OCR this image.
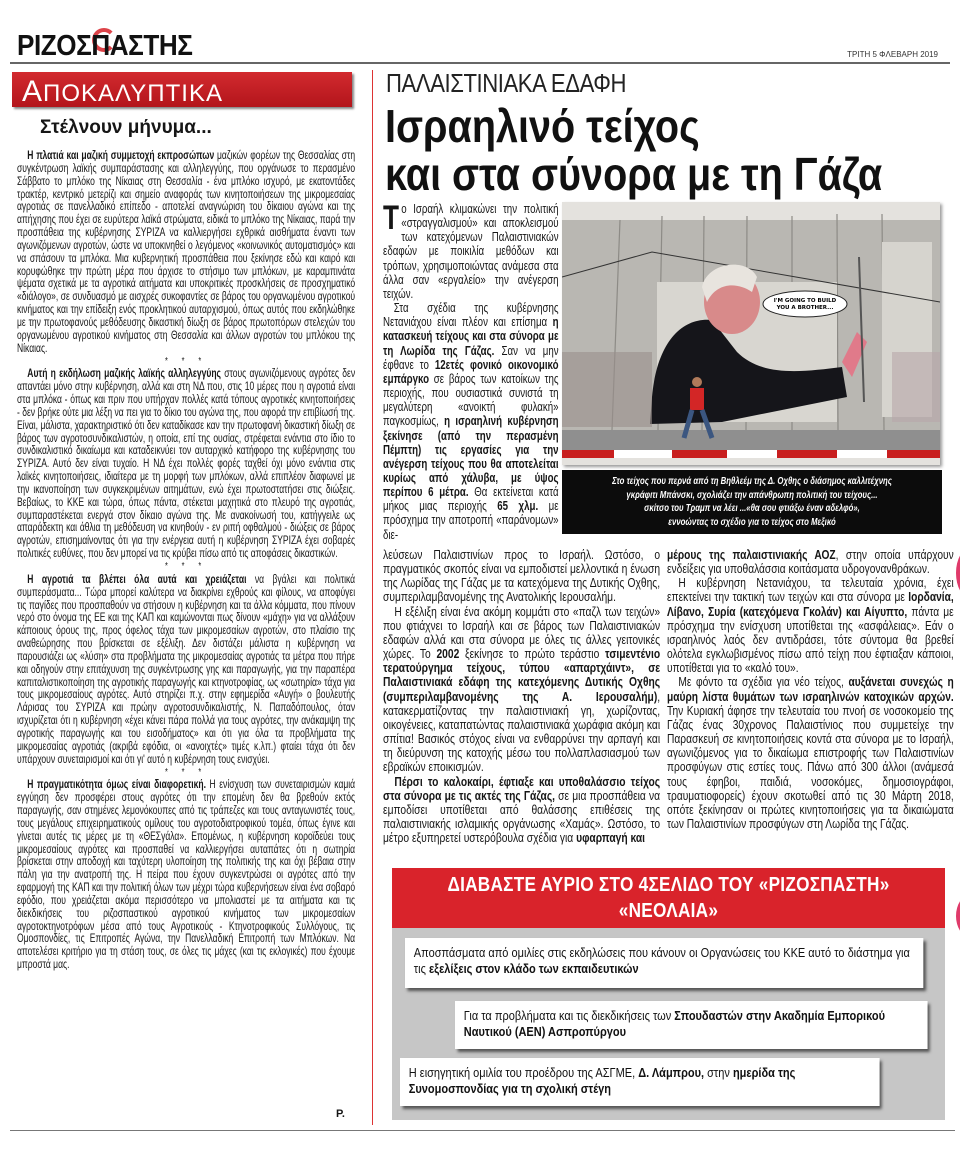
ΡΙΖΟΣΠΑΣΤΗΣ	ΤΡΙΤΗ 5 ΦΛΕΒΑΡΗ 2019
ΑΠΟΚΑΛΥΠΤΙΚΑ
Στέλνουν μήνυμα...

Η πλατιά και μαζική συμμετοχή εκπροσώπων μαζικών φορέων της Θεσσαλίας στη συγκέντρωση λαϊκής συμπαράστασης και αλληλεγγύης, που οργάνωσε το περασμένο Σάββατο το μπλόκο της Νίκαιας στη Θεσσαλία - ένα μπλόκο ισχυρό, με εκατοντάδες τρακτέρ, κεντρικό μετερίζι και σημείο αναφοράς των κινητοποιήσεων της μικρομεσαίας αγροτιάς σε πανελλαδικό επίπεδο - αποτελεί αναγνώριση του δίκαιου αγώνα και της απήχησης που έχει σε ευρύτερα λαϊκά στρώματα, ειδικά το μπλόκο της Νίκαιας, παρά την προσπάθεια της κυβέρνησης ΣΥΡΙΖΑ να καλλιεργήσει εχθρικά αισθήματα έναντι των αγωνιζόμενων αγροτών, ώστε να υποκινηθεί ο λεγόμενος «κοινωνικός αυτοματισμός» και να σπάσουν τα μπλόκα. Μια κυβερνητική προσπάθεια που ξεκίνησε εδώ και καιρό και κορυφώθηκε την πρώτη μέρα που άρχισε το στήσιμο των μπλόκων, με καραμπινάτα ψέματα σχετικά με τα αγροτικά αιτήματα και υποκριτικές προσκλήσεις σε προσχηματικό «διάλογο», σε συνδυασμό με αισχρές συκοφαντίες σε βάρος του οργανωμένου αγροτικού κινήματος και την επίδειξη ενός προκλητικού αυταρχισμού, όπως αυτός που εκδηλώθηκε με την πρωτοφανούς μεθόδευσης δικαστική δίωξη σε βάρος πρωτοπόρων στελεχών του οργανωμένου αγροτικού κινήματος στη Θεσσαλία και άλλων αγροτών του μπλόκου της Νίκαιας.

* * *

Αυτή η εκδήλωση μαζικής λαϊκής αλληλεγγύης στους αγωνιζόμενους αγρότες δεν απαντάει μόνο στην κυβέρνηση, αλλά και στη ΝΔ που, στις 10 μέρες που η αγροτιά είναι στα μπλόκα - όπως και πριν που υπήρχαν πολλές κατά τόπους αγροτικές κινητοποιήσεις - δεν βρήκε ούτε μια λέξη να πει για το δίκιο του αγώνα της, που αφορά την επιβίωσή της. Είναι, μάλιστα, χαρακτηριστικό ότι δεν καταδίκασε καν την πρωτοφανή δικαστική δίωξη σε βάρος των αγροτοσυνδικαλιστών, η οποία, επί της ουσίας, στρέφεται ενάντια στο ίδιο το συνδικαλιστικό δικαίωμα και καταδεικνύει τον αυταρχικό κατήφορο της κυβέρνησης του ΣΥΡΙΖΑ. Αυτό δεν είναι τυχαίο. Η ΝΔ έχει πολλές φορές ταχθεί όχι μόνο ενάντια στις λαϊκές κινητοποιήσεις, ιδιαίτερα με τη μορφή των μπλόκων, αλλά επιπλέον διαφωνεί με την ικανοποίηση των συγκεκριμένων αιτημάτων, ενώ έχει πρωτοστατήσει στις διώξεις. Βεβαίως, το ΚΚΕ και τώρα, όπως πάντα, στέκεται μαχητικά στο πλευρό της αγροτιάς, συμπαραστέκεται ενεργά στον δίκαιο αγώνα της. Με ανακοίνωσή του, κατήγγειλε ως απαράδεκτη και άθλια τη μεθόδευση να κινηθούν - εν ριπή οφθαλμού - διώξεις σε βάρος αγροτών, επισημαίνοντας ότι για την ενέργεια αυτή η κυβέρνηση ΣΥΡΙΖΑ έχει σοβαρές πολιτικές ευθύνες, που δεν μπορεί να τις κρύβει πίσω από τις αποφάσεις δικαστικών.

* * *

Η αγροτιά τα βλέπει όλα αυτά και χρειάζεται να βγάλει και πολιτικά συμπεράσματα... Τώρα μπορεί καλύτερα να διακρίνει εχθρούς και φίλους, να αποφύγει τις παγίδες που προσπαθούν να στήσουν η κυβέρνηση και τα άλλα κόμματα, που πίνουν νερό στο όνομα της ΕΕ και της ΚΑΠ και καμώνονται πως δίνουν «μάχη» για να αλλάξουν κάποιους όρους της, προς όφελος τάχα των μικρομεσαίων αγροτών, στο πλαίσιο της αναθεώρησης που βρίσκεται σε εξέλιξη. Δεν διστάζει μάλιστα η κυβέρνηση να παρουσιάζει ως «λύση» στα προβλήματα της μικρομεσαίας αγροτιάς τα μέτρα που πήρε και οδηγούν στην επιτάχυνση της συγκέντρωσης γης και παραγωγής, για την παραπέρα καπιταλιστικοποίηση της αγροτικής παραγωγής και κτηνοτροφίας, ως «σωτηρία» τάχα για τους μικρομεσαίους αγρότες. Αυτό στηρίζει π.χ. στην εφημερίδα «Αυγή» ο βουλευτής Λάρισας του ΣΥΡΙΖΑ και πρώην αγροτοσυνδικαλιστής, Ν. Παπαδόπουλος, όταν ισχυρίζεται ότι η κυβέρνηση «έχει κάνει πάρα πολλά για τους αγρότες, την ανάκαμψη της αγροτικής παραγωγής και του εισοδήματος» και ότι για όλα τα προβλήματα της μικρομεσαίας αγροτιάς (ακριβά εφόδια, οι «ανοιχτές» τιμές κ.λπ.) φταίει τάχα ότι δεν υπάρχουν συνεταιρισμοί και ότι γι' αυτό η κυβέρνηση τους ενισχύει.

* * *

Η πραγματικότητα όμως είναι διαφορετική. Η ενίσχυση των συνεταιρισμών καμιά εγγύηση δεν προσφέρει στους αγρότες ότι την επομένη δεν θα βρεθούν εκτός παραγωγής, σαν στημένες λεμονόκουπες από τις τράπεζες και τους ανταγωνιστές τους, τους μεγάλους επιχειρηματικούς ομίλους του αγροτοδιατροφικού τομέα, όπως έγινε και γίνεται αυτές τις μέρες με τη «ΘΕΣγάλα». Επομένως, η κυβέρνηση κοροϊδεύει τους μικρομεσαίους αγρότες και προσπαθεί να καλλιεργήσει αυταπάτες ότι η σωτηρία βρίσκεται στην αποδοχή και ταχύτερη υλοποίηση της πολιτικής της και όχι βέβαια στην πάλη για την ανατροπή της. Η πείρα που έχουν συγκεντρώσει οι αγρότες από την εφαρμογή της ΚΑΠ και την πολιτική όλων των μέχρι τώρα κυβερνήσεων είναι ένα σοβαρό εφόδιο, που χρειάζεται ακόμα περισσότερο να μπολιαστεί με τα αιτήματα και τις διεκδικήσεις του ριζοσπαστικού αγροτικού κινήματος των μικρομεσαίων αγροτοκτηνοτρόφων μέσα από τους Αγροτικούς - Κτηνοτροφικούς Συλλόγους, τις Ομοσπονδίες, τις Επιτροπές Αγώνα, την Πανελλαδική Επιτροπή των Μπλόκων. Να αποτελέσει κριτήριο για τη στάση τους, σε όλες τις μάχες (και τις εκλογικές) που έχουμε μπροστά μας.

Ρ.
ΠΑΛΑΙΣΤΙΝΙΑΚΑ ΕΔΑΦΗ
Ισραηλινό τείχος
και στα σύνορα με τη Γάζα
Τ ο Ισραήλ κλιμακώνει την πολιτική «στραγγαλισμού» και αποκλεισμού των κατεχόμενων Παλαιστινιακών εδαφών με ποικιλία μεθόδων και τρόπων, χρησιμοποιώντας ανάμεσα στα άλλα σαν «εργαλείο» την ανέγερση τειχών.

Στα σχέδια της κυβέρνησης Νετανιάχου είναι πλέον και επίσημα η κατασκευή τείχους και στα σύνορα με τη Λωρίδα της Γάζας. Σαν να μην έφθανε το 12ετές φονικό οικονομικό εμπάργκο σε βάρος των κατοίκων της περιοχής, που ουσιαστικά συνιστά τη μεγαλύτερη «ανοικτή φυλακή» παγκοσμίως, η ισραηλινή κυβέρνηση ξεκίνησε (από την περασμένη Πέμπτη) τις εργασίες για την ανέγερση τείχους που θα αποτελείται κυρίως από χάλυβα, με ύψος περίπου 6 μέτρα. Θα εκτείνεται κατά μήκος μιας περιοχής 65 χλμ. με πρόσχημα την αποτροπή «παράνομων» διε-

I'M GOING TO BUILD
YOU A BROTHER...
Στο τείχος που περνά από τη Βηθλεέμ της Δ. Οχθης ο διάσημος καλλιτέχνης
γκράφιτι Μπάνσκι, σχολιάζει την απάνθρωπη πολιτική του τείχους...
σκίτσο του Τραμπ να λέει ...«θα σου φτιάξω έναν αδελφό»,
εννοώντας το σχέδιο για το τείχος στο Μεξικό

λεύσεων Παλαιστινίων προς το Ισραήλ. Ωστόσο, ο πραγματικός σκοπός είναι να εμποδιστεί μελλοντικά η ένωση της Λωρίδας της Γάζας με τα κατεχόμενα της Δυτικής Οχθης, συμπεριλαμβανομένης της Ανατολικής Ιερουσαλήμ.

Η εξέλιξη είναι ένα ακόμη κομμάτι στο «παζλ των τειχών» που φτιάχνει το Ισραήλ και σε βάρος των Παλαιστινιακών εδαφών αλλά και στα σύνορα με όλες τις άλλες γειτονικές χώρες. Το 2002 ξεκίνησε το πρώτο τεράστιο τσιμεντένιο τερατούργημα τείχους, τύπου «απαρτχάιντ», σε Παλαιστινιακά εδάφη της κατεχόμενης Δυτικής Οχθης (συμπεριλαμβανομένης της Α. Ιερουσαλήμ), κατακερματίζοντας την παλαιστινιακή γη, χωρίζοντας, οικογένειες, καταπατώντας παλαιστινιακά χωράφια ακόμη και σπίτια! Βασικός στόχος είναι να ενθαρρύνει την αρπαγή και τη διεύρυνση της κατοχής μέσω του πολλαπλασιασμού των εβραϊκών εποικισμών.

Πέρσι το καλοκαίρι, έφτιαξε και υποθαλάσσιο τείχος στα σύνορα με τις ακτές της Γάζας, σε μια προσπάθεια να εμποδίσει υποτίθεται από θαλάσσης επιθέσεις της παλαιστινιακής ισλαμικής οργάνωσης «Χαμάς». Ωστόσο, το μέτρο εξυπηρετεί υστερόβουλα σχέδια για υφαρπαγή και

μέρους της παλαιστινιακής ΑΟΖ, στην οποία υπάρχουν ενδείξεις για υποθαλάσσια κοιτάσματα υδρογονανθράκων.

Η κυβέρνηση Νετανιάχου, τα τελευταία χρόνια, έχει επεκτείνει την τακτική των τειχών και στα σύνορα με Ιορδανία, Λίβανο, Συρία (κατεχόμενα Γκολάν) και Αίγυπτο, πάντα με πρόσχημα την ενίσχυση υποτίθεται της «ασφάλειας». Εάν ο ισραηλινός λαός δεν αντιδράσει, τότε σύντομα θα βρεθεί ολότελα εγκλωβισμένος πίσω από τείχη που έφτιαξαν κάποιοι, υποτίθεται για το «καλό του».

Με φόντο τα σχέδια για νέο τείχος, αυξάνεται συνεχώς η μαύρη λίστα θυμάτων των ισραηλινών κατοχικών αρχών. Την Κυριακή άφησε την τελευταία του πνοή σε νοσοκομείο της Γάζας ένας 30χρονος Παλαιστίνιος που συμμετείχε την Παρασκευή σε κινητοποιήσεις κοντά στα σύνορα με το Ισραήλ, αγωνιζόμενος για το δικαίωμα επιστροφής των Παλαιστινίων προσφύγων στις εστίες τους. Πάνω από 300 άλλοι (ανάμεσά τους έφηβοι, παιδιά, νοσοκόμες, δημοσιογράφοι, τραυματιοφορείς) έχουν σκοτωθεί από τις 30 Μάρτη 2018, οπότε ξεκίνησαν οι πρώτες κινητοποιήσεις για τα δικαιώματα των Παλαιστινίων προσφύγων στη Λωρίδα της Γάζας.

ΔΙΑΒΑΣΤΕ ΑΥΡΙΟ ΣΤΟ 4ΣΕΛΙΔΟ ΤΟΥ «ΡΙΖΟΣΠΑΣΤΗ»
«ΝΕΟΛΑΙΑ»
Αποσπάσματα από ομιλίες στις εκδηλώσεις που κάνουν οι Οργανώσεις του ΚΚΕ αυτό το διάστημα για τις εξελίξεις στον κλάδο των εκπαιδευτικών
Για τα προβλήματα και τις διεκδικήσεις των Σπουδαστών στην Ακαδημία Εμπορικού Ναυτικού (ΑΕΝ) Ασπροπύργου
Η εισηγητική ομιλία του προέδρου της ΑΣΓΜΕ, Δ. Λάμπρου, στην ημερίδα της Συνομοσπονδίας για τη σχολική στέγη
